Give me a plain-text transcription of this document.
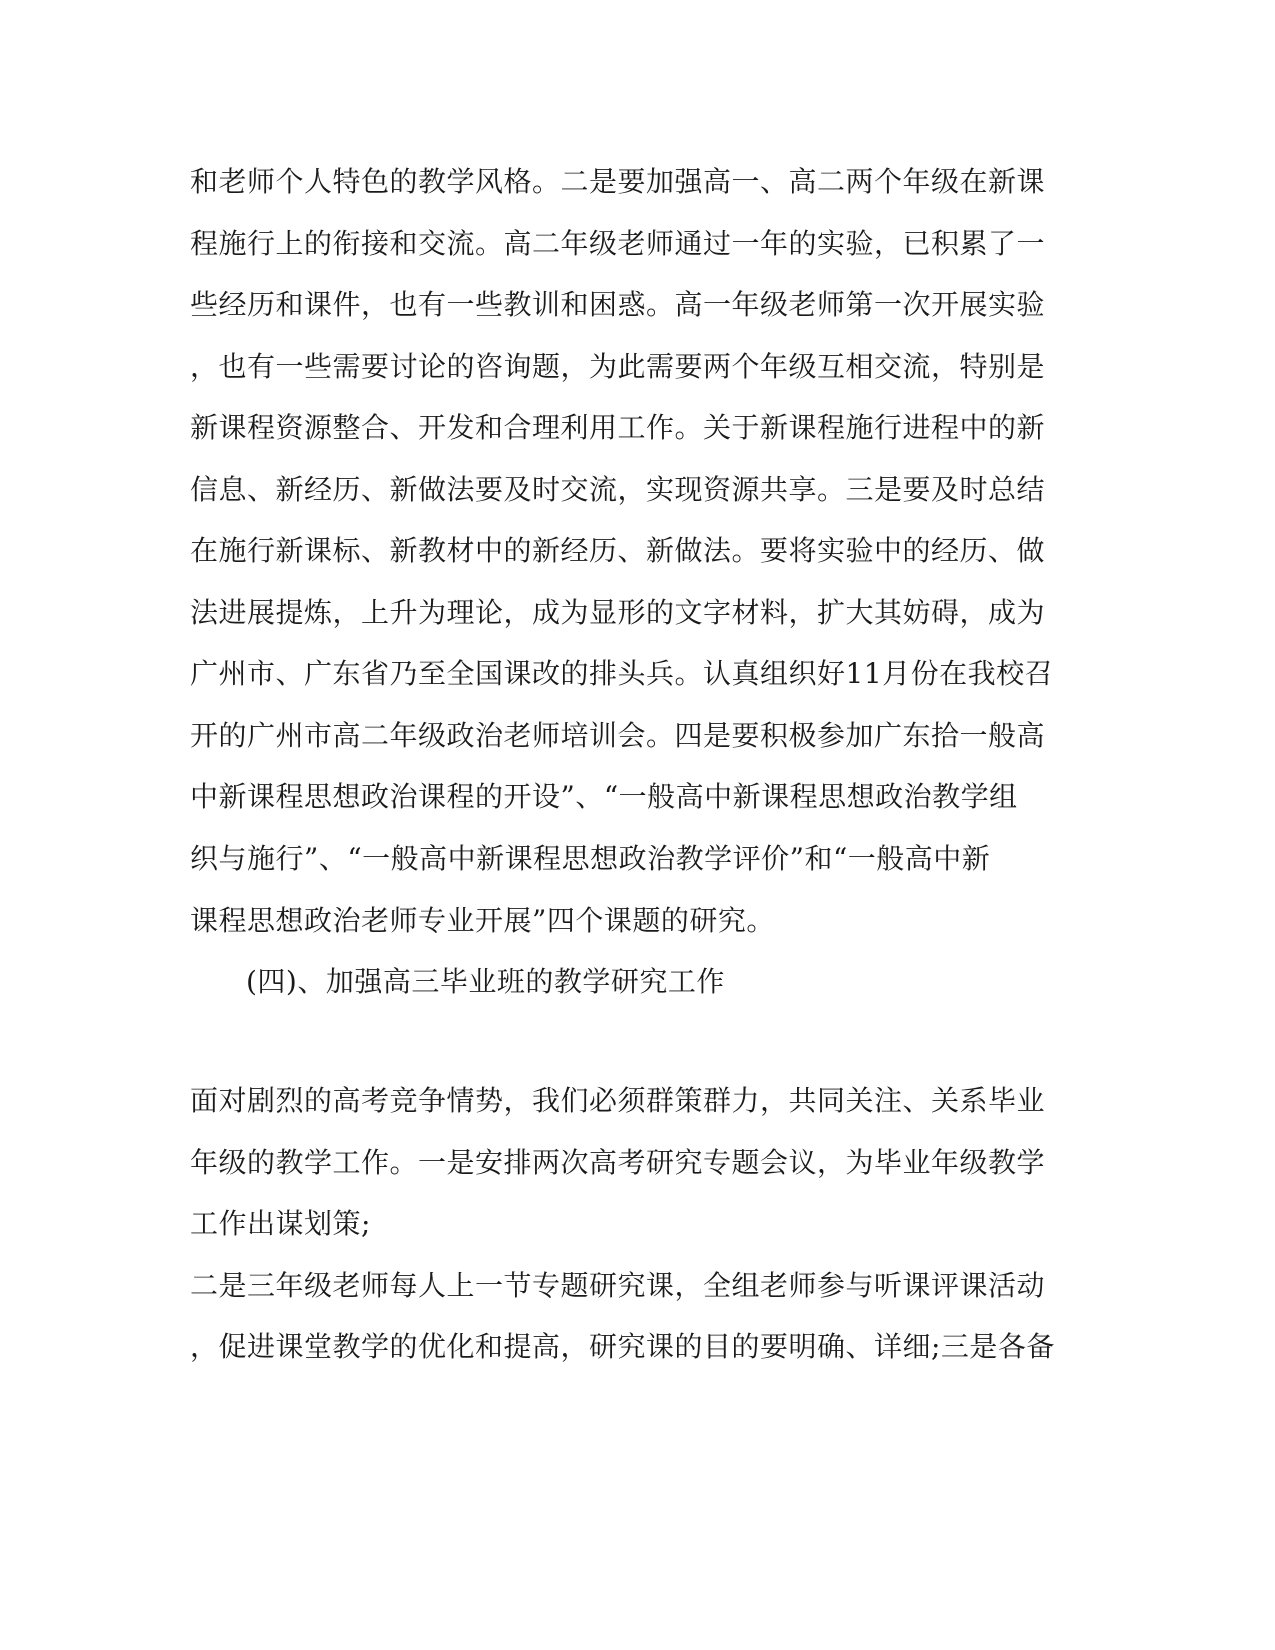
和老师个人特色的教学风格。二是要加强高一、高二两个年级在新课
程施行上的衔接和交流。高二年级老师通过一年的实验，已积累了一
些经历和课件，也有一些教训和困惑。高一年级老师第一次开展实验
，也有一些需要讨论的咨询题，为此需要两个年级互相交流，特别是
新课程资源整合、开发和合理利用工作。关于新课程施行进程中的新
信息、新经历、新做法要及时交流，实现资源共享。三是要及时总结
在施行新课标、新教材中的新经历、新做法。要将实验中的经历、做
法进展提炼，上升为理论，成为显形的文字材料，扩大其妨碍，成为
广州市、广东省乃至全国课改的排头兵。认真组织好11月份在我校召
开的广州市高二年级政治老师培训会。四是要积极参加广东拾一般高
中新课程思想政治课程的开设”、“一般高中新课程思想政治教学组
织与施行”、“一般高中新课程思想政治教学评价”和“一般高中新
课程思想政治老师专业开展”四个课题的研究。
(四)、加强高三毕业班的教学研究工作
面对剧烈的高考竞争情势，我们必须群策群力，共同关注、关系毕业
年级的教学工作。一是安排两次高考研究专题会议，为毕业年级教学
工作出谋划策;
二是三年级老师每人上一节专题研究课，全组老师参与听课评课活动
，促进课堂教学的优化和提高，研究课的目的要明确、详细;三是各备
